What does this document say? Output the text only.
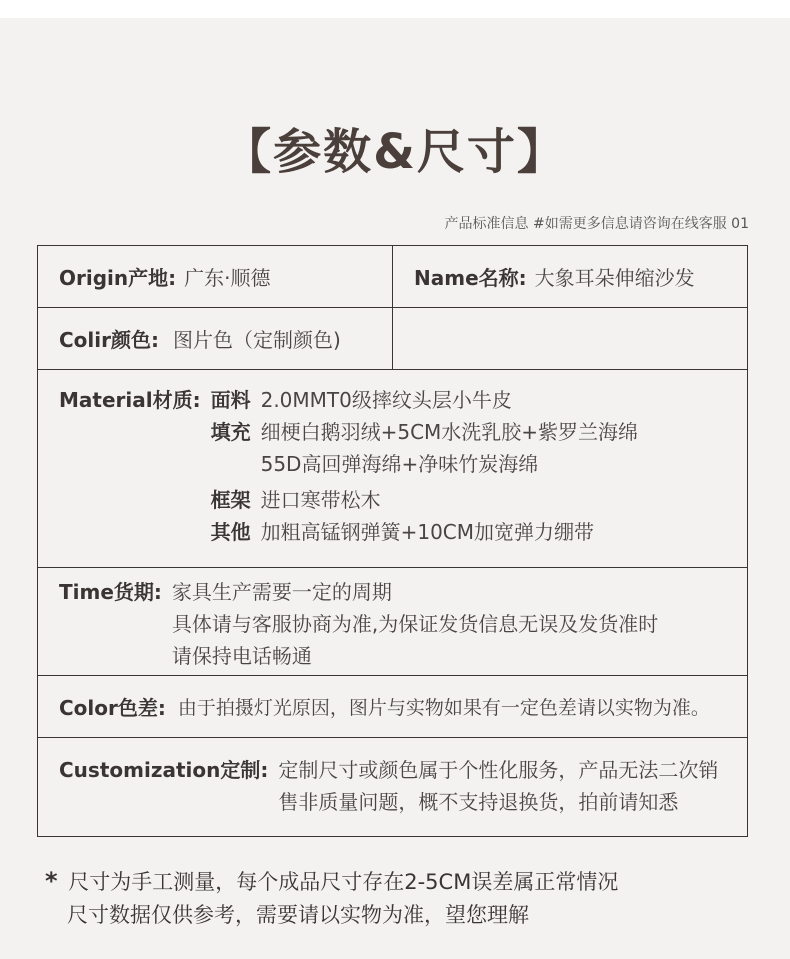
【参数&尺寸】
产品标准信息 #如需更多信息请咨询在线客服 01
Origin产地: 广东·顺德	Name名称: 大象耳朵伸缩沙发
Colir颜色: 图片色（定制颜色)
Material材质: 面料 2.0MMT0级摔纹头层小牛皮
填充 细梗白鹅羽绒+5CM水洗乳胶+紫罗兰海绵
55D高回弹海绵+净味竹炭海绵
框架 进口寒带松木
其他 加粗高锰钢弹簧+10CM加宽弹力绷带
Time货期: 家具生产需要一定的周期
具体请与客服协商为准,为保证发货信息无误及发货准时
请保持电话畅通
Color色差: 由于拍摄灯光原因，图片与实物如果有一定色差请以实物为准。
Customization定制: 定制尺寸或颜色属于个性化服务，产品无法二次销
售非质量问题，概不支持退换货，拍前请知悉
* 尺寸为手工测量，每个成品尺寸存在2-5CM误差属正常情况
尺寸数据仅供参考，需要请以实物为准，望您理解
